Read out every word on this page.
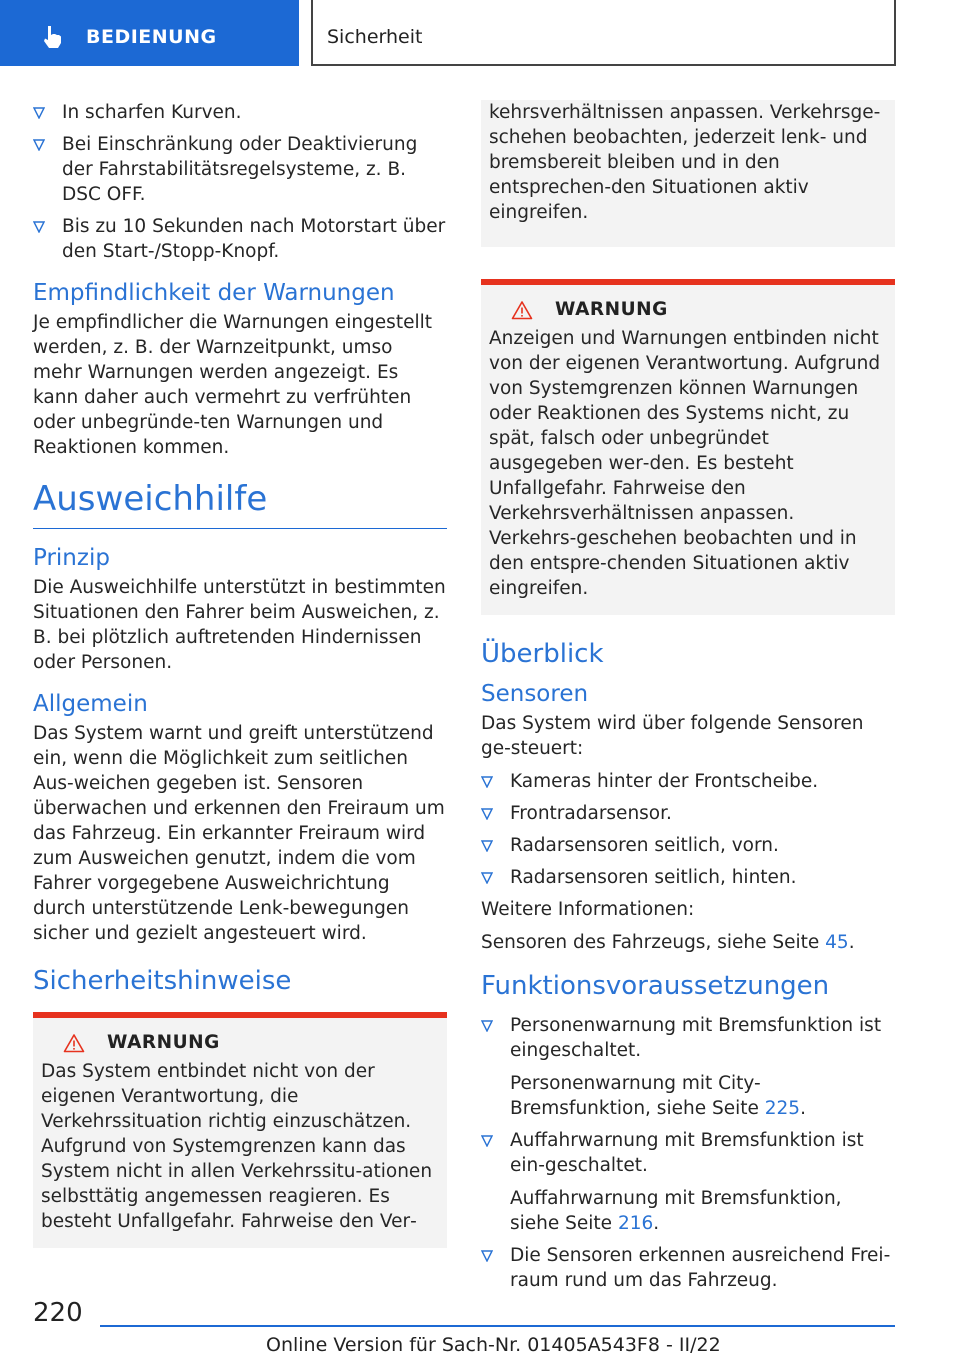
BEDIENUNG	Sicherheit
In scharfen Kurven.
Bei Einschränkung oder Deaktivierung der Fahrstabilitätsregelsysteme, z. B. DSC OFF.
Bis zu 10 Sekunden nach Motorstart über den Start-/Stopp-Knopf.
Empfindlichkeit der Warnungen
Je empfindlicher die Warnungen eingestellt werden, z. B. der Warnzeitpunkt, umso mehr Warnungen werden angezeigt. Es kann daher auch vermehrt zu verfrühten oder unbegründe‐ten Warnungen und Reaktionen kommen.
Ausweichhilfe
Prinzip
Die Ausweichhilfe unterstützt in bestimmten Situationen den Fahrer beim Ausweichen, z. B. bei plötzlich auftretenden Hindernissen oder Personen.
Allgemein
Das System warnt und greift unterstützend ein, wenn die Möglichkeit zum seitlichen Aus‐weichen gegeben ist. Sensoren überwachen und erkennen den Freiraum um das Fahrzeug. Ein erkannter Freiraum wird zum Ausweichen genutzt, indem die vom Fahrer vorgegebene Ausweichrichtung durch unterstützende Lenk‐bewegungen sicher und gezielt angesteuert wird.
Sicherheitshinweise
WARNUNG
Das System entbindet nicht von der eigenen Verantwortung, die Verkehrssituation richtig einzuschätzen. Aufgrund von Systemgrenzen kann das System nicht in allen Verkehrssitu‐ationen selbsttätig angemessen reagieren. Es besteht Unfallgefahr. Fahrweise den Ver‐
kehrsverhältnissen anpassen. Verkehrsge‐schehen beobachten, jederzeit lenk- und bremsbereit bleiben und in den entsprechen‐den Situationen aktiv eingreifen.
WARNUNG
Anzeigen und Warnungen entbinden nicht von der eigenen Verantwortung. Aufgrund von Systemgrenzen können Warnungen oder Reaktionen des Systems nicht, zu spät, falsch oder unbegründet ausgegeben wer‐den. Es besteht Unfallgefahr. Fahrweise den Verkehrsverhältnissen anpassen. Verkehrs‐geschehen beobachten und in den entspre‐chenden Situationen aktiv eingreifen.
Überblick
Sensoren
Das System wird über folgende Sensoren ge‐steuert:
Kameras hinter der Frontscheibe.
Frontradarsensor.
Radarsensoren seitlich, vorn.
Radarsensoren seitlich, hinten.
Weitere Informationen:
Sensoren des Fahrzeugs, siehe Seite 45.
Funktionsvoraussetzungen
Personenwarnung mit Bremsfunktion ist eingeschaltet.
Personenwarnung mit City-Bremsfunktion, siehe Seite 225.
Auffahrwarnung mit Bremsfunktion ist ein‐geschaltet.
Auffahrwarnung mit Bremsfunktion, siehe Seite 216.
Die Sensoren erkennen ausreichend Frei‐raum rund um das Fahrzeug.
220
Online Version für Sach-Nr. 01405A543F8 - II/22
